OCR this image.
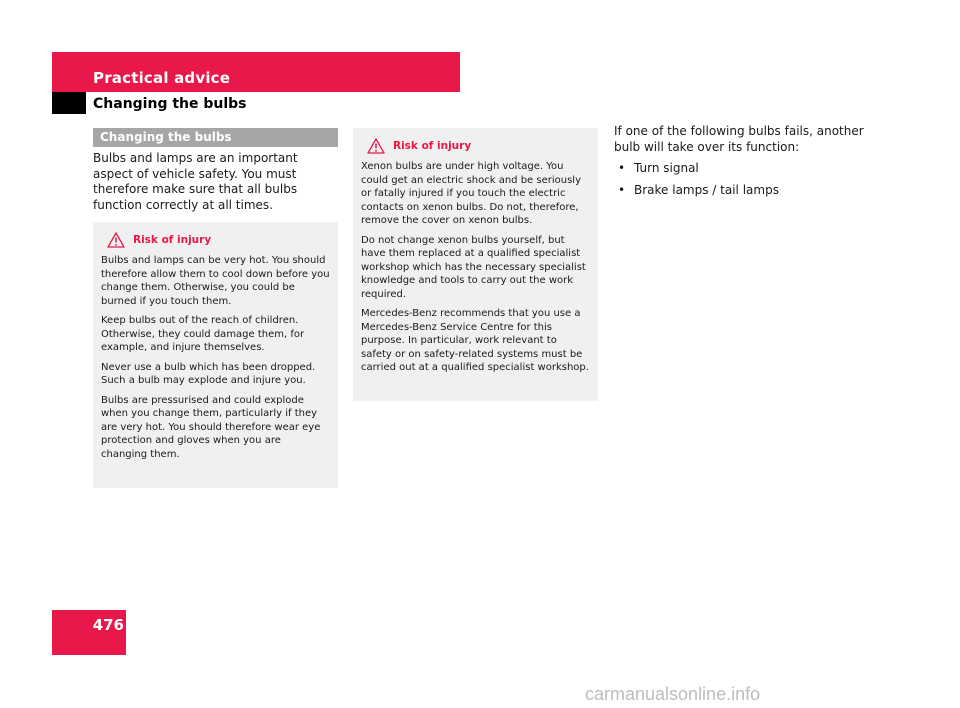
Practical advice
Changing the bulbs
Changing the bulbs

Bulbs and lamps are an important aspect of vehicle safety. You must therefore make sure that all bulbs function correctly at all times.

Risk of injury

Bulbs and lamps can be very hot. You should therefore allow them to cool down before you change them. Otherwise, you could be burned if you touch them.

Keep bulbs out of the reach of children. Otherwise, they could damage them, for example, and injure themselves.

Never use a bulb which has been dropped. Such a bulb may explode and injure you.

Bulbs are pressurised and could explode when you change them, particularly if they are very hot. You should therefore wear eye protection and gloves when you are changing them.

Risk of injury

Xenon bulbs are under high voltage. You could get an electric shock and be seriously or fatally injured if you touch the electric contacts on xenon bulbs. Do not, therefore, remove the cover on xenon bulbs.

Do not change xenon bulbs yourself, but have them replaced at a qualified specialist workshop which has the necessary specialist knowledge and tools to carry out the work required.

Mercedes-Benz recommends that you use a Mercedes-Benz Service Centre for this purpose. In particular, work relevant to safety or on safety-related systems must be carried out at a qualified specialist workshop.

If one of the following bulbs fails, another bulb will take over its function:

• Turn signal
• Brake lamps / tail lamps
476
carmanualsonline.info
